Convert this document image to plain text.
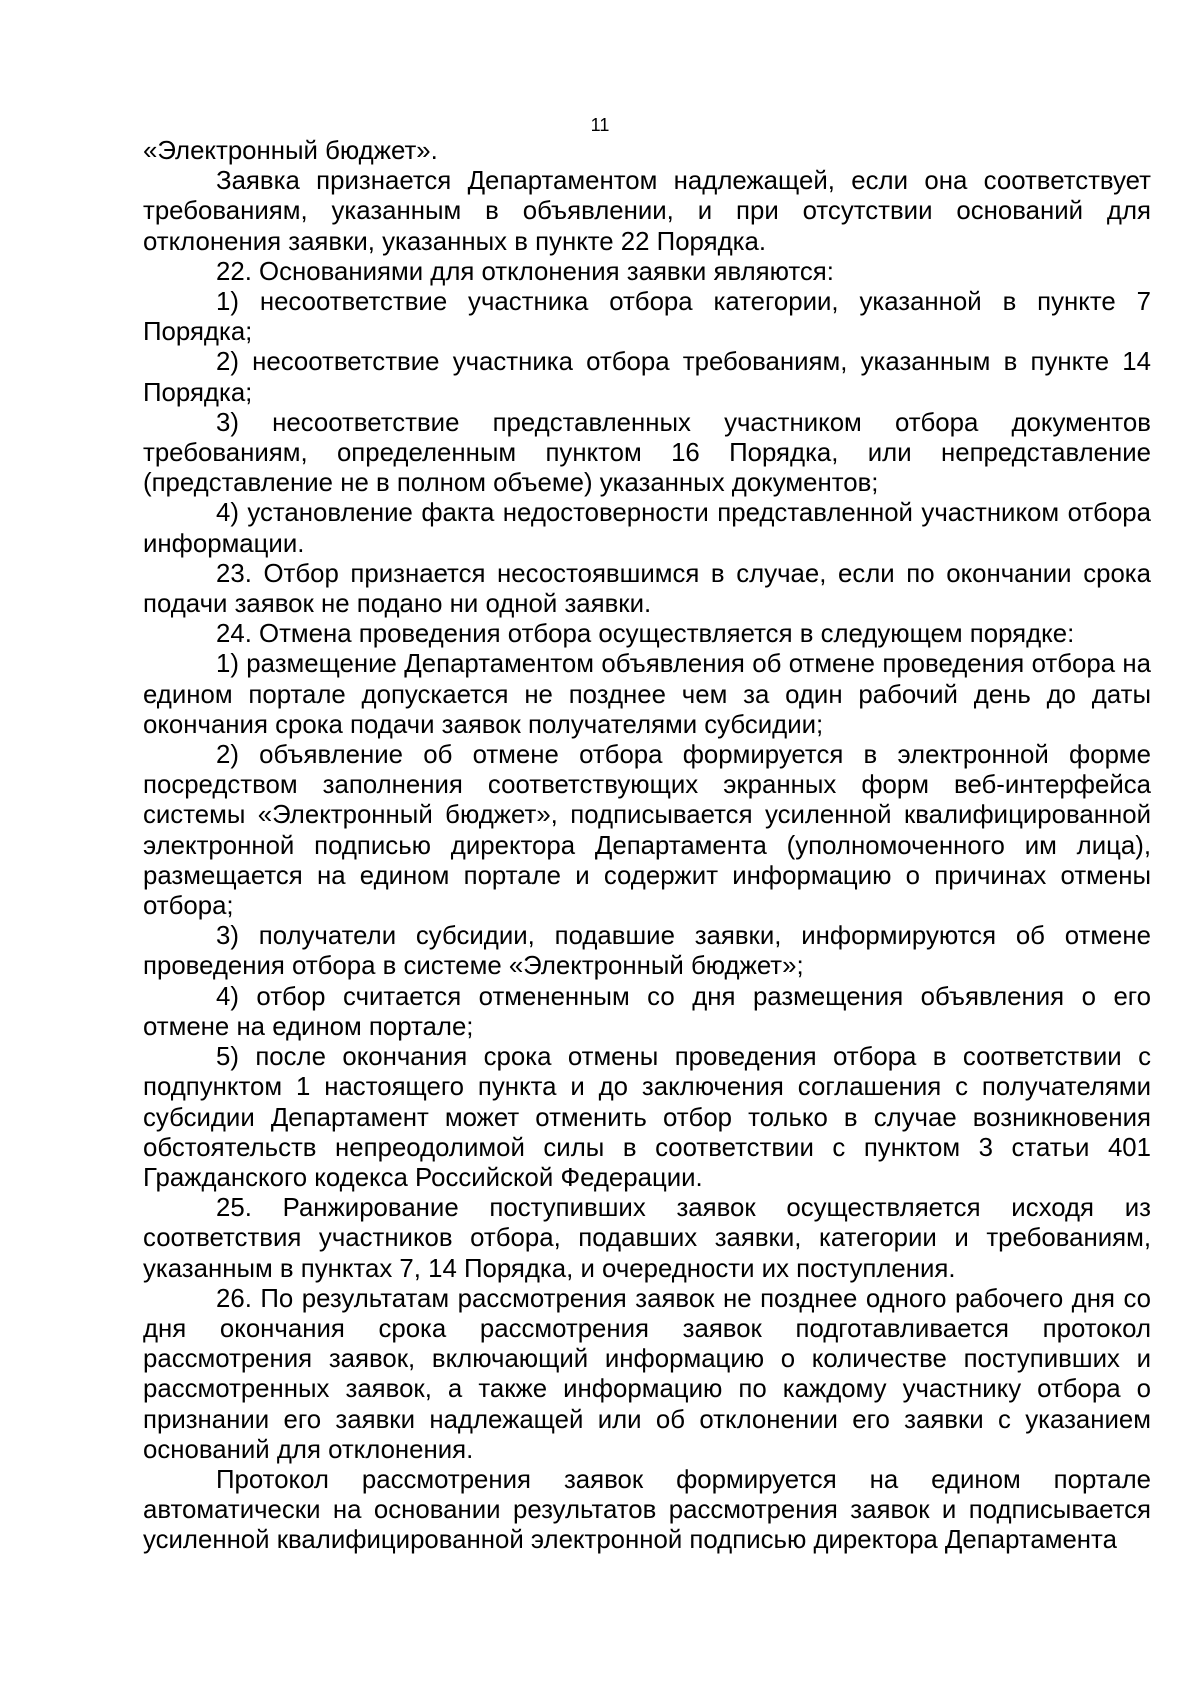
11

«Электронный бюджет».

Заявка признается Департаментом надлежащей, если она соответствует требованиям, указанным в объявлении, и при отсутствии оснований для отклонения заявки, указанных в пункте 22 Порядка.

22. Основаниями для отклонения заявки являются:

1) несоответствие участника отбора категории, указанной в пункте 7 Порядка;

2) несоответствие участника отбора требованиям, указанным в пункте 14 Порядка;

3) несоответствие представленных участником отбора документов требованиям, определенным пунктом 16 Порядка, или непредставление (представление не в полном объеме) указанных документов;

4) установление факта недостоверности представленной участником отбора информации.

23. Отбор признается несостоявшимся в случае, если по окончании срока подачи заявок не подано ни одной заявки.

24. Отмена проведения отбора осуществляется в следующем порядке:

1) размещение Департаментом объявления об отмене проведения отбора на едином портале допускается не позднее чем за один рабочий день до даты окончания срока подачи заявок получателями субсидии;

2) объявление об отмене отбора формируется в электронной форме посредством заполнения соответствующих экранных форм веб-интерфейса системы «Электронный бюджет», подписывается усиленной квалифицированной электронной подписью директора Департамента (уполномоченного им лица), размещается на едином портале и содержит информацию о причинах отмены отбора;

3) получатели субсидии, подавшие заявки, информируются об отмене проведения отбора в системе «Электронный бюджет»;

4) отбор считается отмененным со дня размещения объявления о его отмене на едином портале;

5) после окончания срока отмены проведения отбора в соответствии с подпунктом 1 настоящего пункта и до заключения соглашения с получателями субсидии Департамент может отменить отбор только в случае возникновения обстоятельств непреодолимой силы в соответствии с пунктом 3 статьи 401 Гражданского кодекса Российской Федерации.

25. Ранжирование поступивших заявок осуществляется исходя из соответствия участников отбора, подавших заявки, категории и требованиям, указанным в пунктах 7, 14 Порядка, и очередности их поступления.

26. По результатам рассмотрения заявок не позднее одного рабочего дня со дня окончания срока рассмотрения заявок подготавливается протокол рассмотрения заявок, включающий информацию о количестве поступивших и рассмотренных заявок, а также информацию по каждому участнику отбора о признании его заявки надлежащей или об отклонении его заявки с указанием оснований для отклонения.

Протокол рассмотрения заявок формируется на едином портале автоматически на основании результатов рассмотрения заявок и подписывается усиленной квалифицированной электронной подписью директора Департамента
